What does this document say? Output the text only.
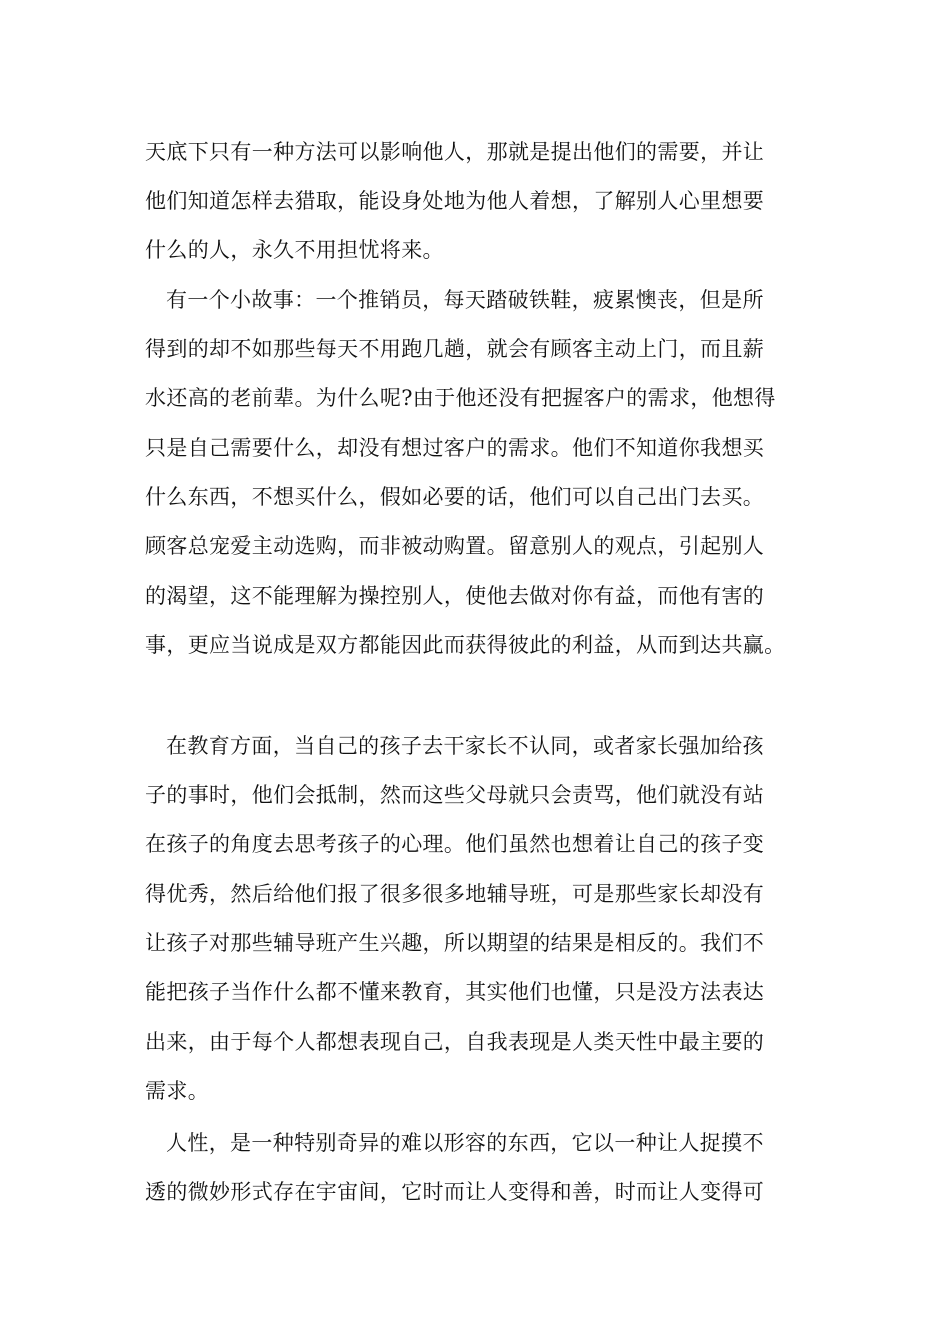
天底下只有一种方法可以影响他人，那就是提出他们的需要，并让
他们知道怎样去猎取，能设身处地为他人着想，了解别人心里想要
什么的人，永久不用担忧将来。
有一个小故事：一个推销员，每天踏破铁鞋，疲累懊丧，但是所
得到的却不如那些每天不用跑几趟，就会有顾客主动上门，而且薪
水还高的老前辈。为什么呢?由于他还没有把握客户的需求，他想得
只是自己需要什么，却没有想过客户的需求。他们不知道你我想买
什么东西，不想买什么，假如必要的话，他们可以自己出门去买。
顾客总宠爱主动选购，而非被动购置。留意别人的观点，引起别人
的渴望，这不能理解为操控别人，使他去做对你有益，而他有害的
事，更应当说成是双方都能因此而获得彼此的利益，从而到达共赢。
在教育方面，当自己的孩子去干家长不认同，或者家长强加给孩
子的事时，他们会抵制，然而这些父母就只会责骂，他们就没有站
在孩子的角度去思考孩子的心理。他们虽然也想着让自己的孩子变
得优秀，然后给他们报了很多很多地辅导班，可是那些家长却没有
让孩子对那些辅导班产生兴趣，所以期望的结果是相反的。我们不
能把孩子当作什么都不懂来教育，其实他们也懂，只是没方法表达
出来，由于每个人都想表现自己，自我表现是人类天性中最主要的
需求。
人性，是一种特别奇异的难以形容的东西，它以一种让人捉摸不
透的微妙形式存在宇宙间，它时而让人变得和善，时而让人变得可
